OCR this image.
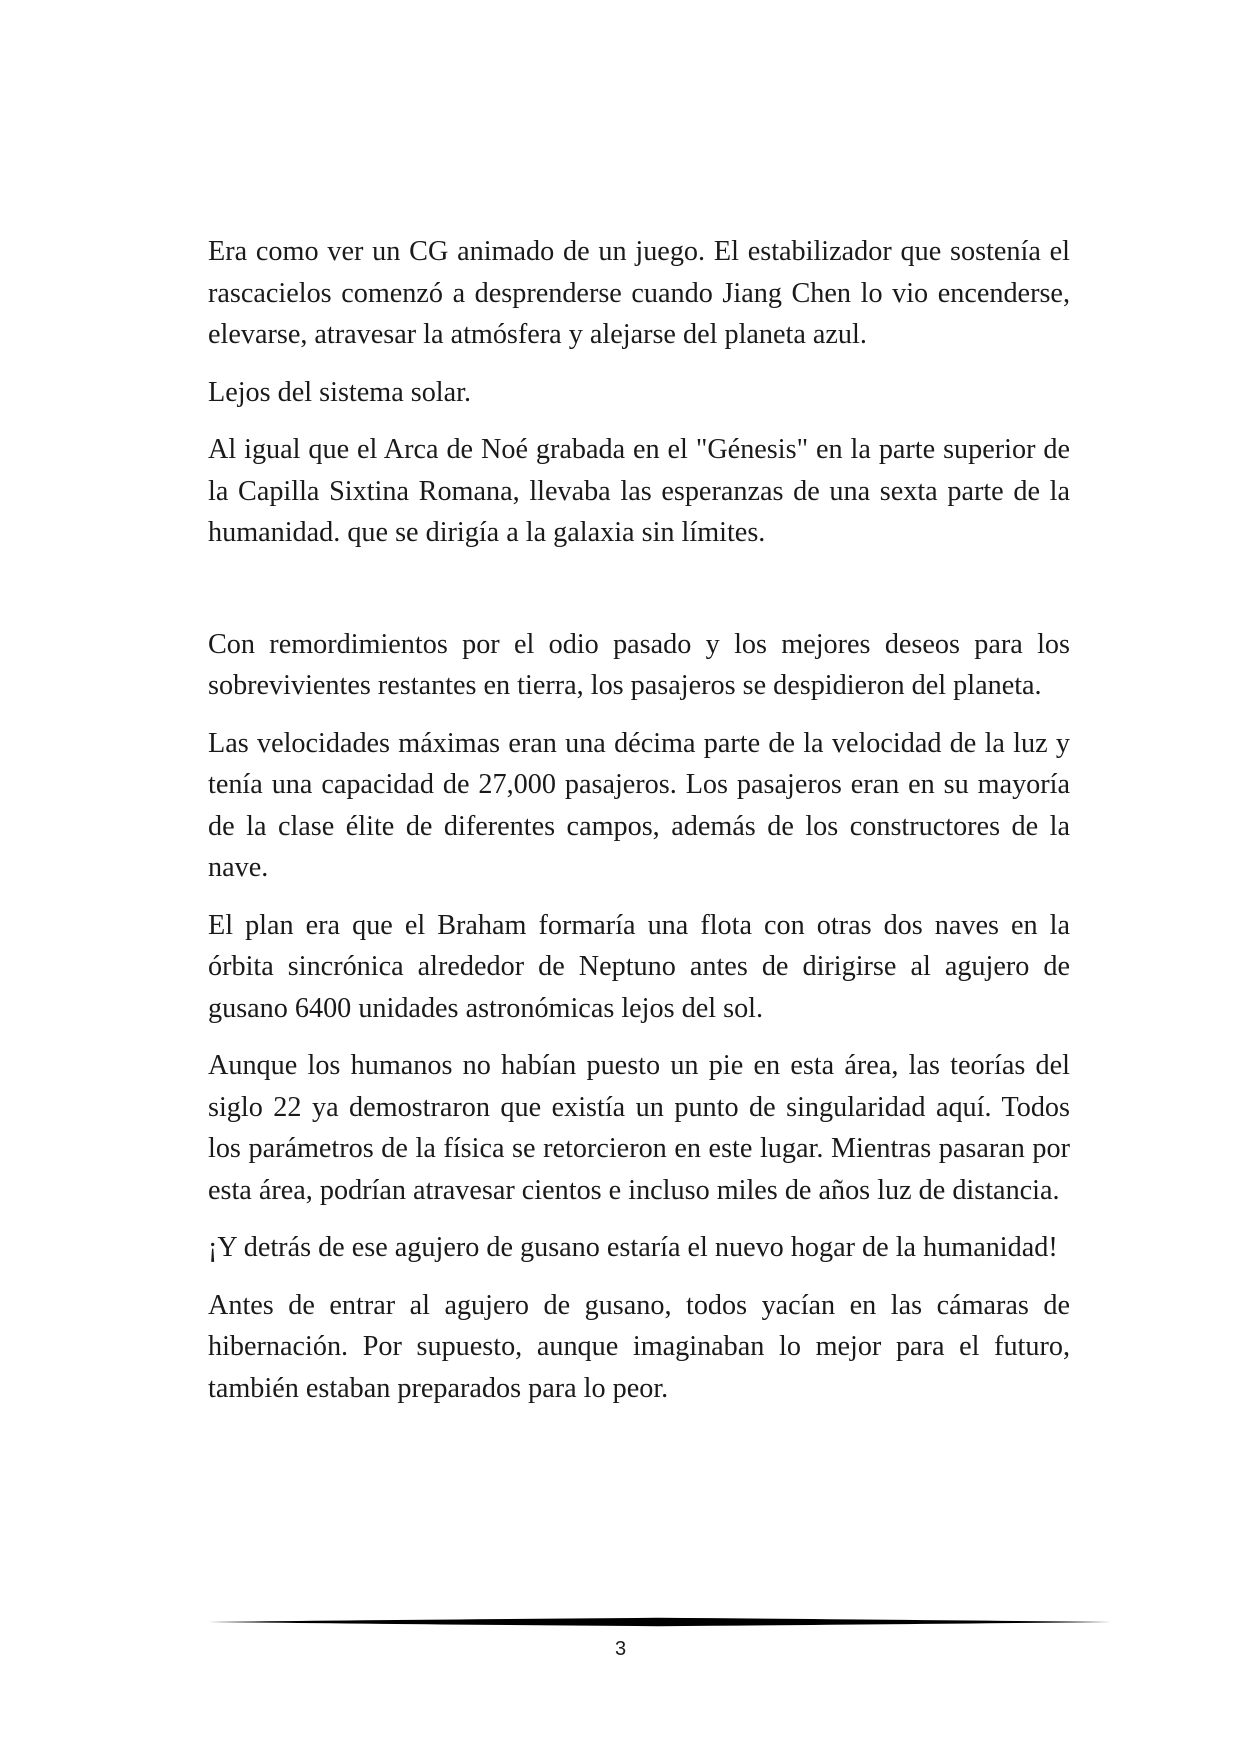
Era como ver un CG animado de un juego. El estabilizador que sostenía el rascacielos comenzó a desprenderse cuando Jiang Chen lo vio encenderse, elevarse, atravesar la atmósfera y alejarse del planeta azul.

Lejos del sistema solar.

Al igual que el Arca de Noé grabada en el "Génesis" en la parte superior de la Capilla Sixtina Romana, llevaba las esperanzas de una sexta parte de la humanidad. que se dirigía a la galaxia sin límites.

Con remordimientos por el odio pasado y los mejores deseos para los sobrevivientes restantes en tierra, los pasajeros se despidieron del planeta.

Las velocidades máximas eran una décima parte de la velocidad de la luz y tenía una capacidad de 27,000 pasajeros. Los pasajeros eran en su mayoría de la clase élite de diferentes campos, además de los constructores de la nave.

El plan era que el Braham formaría una flota con otras dos naves en la órbita sincrónica alrededor de Neptuno antes de dirigirse al agujero de gusano 6400 unidades astronómicas lejos del sol.

Aunque los humanos no habían puesto un pie en esta área, las teorías del siglo 22 ya demostraron que existía un punto de singularidad aquí. Todos los parámetros de la física se retorcieron en este lugar. Mientras pasaran por esta área, podrían atravesar cientos e incluso miles de años luz de distancia.

¡Y detrás de ese agujero de gusano estaría el nuevo hogar de la humanidad!

Antes de entrar al agujero de gusano, todos yacían en las cámaras de hibernación. Por supuesto, aunque imaginaban lo mejor para el futuro, también estaban preparados para lo peor.

3
